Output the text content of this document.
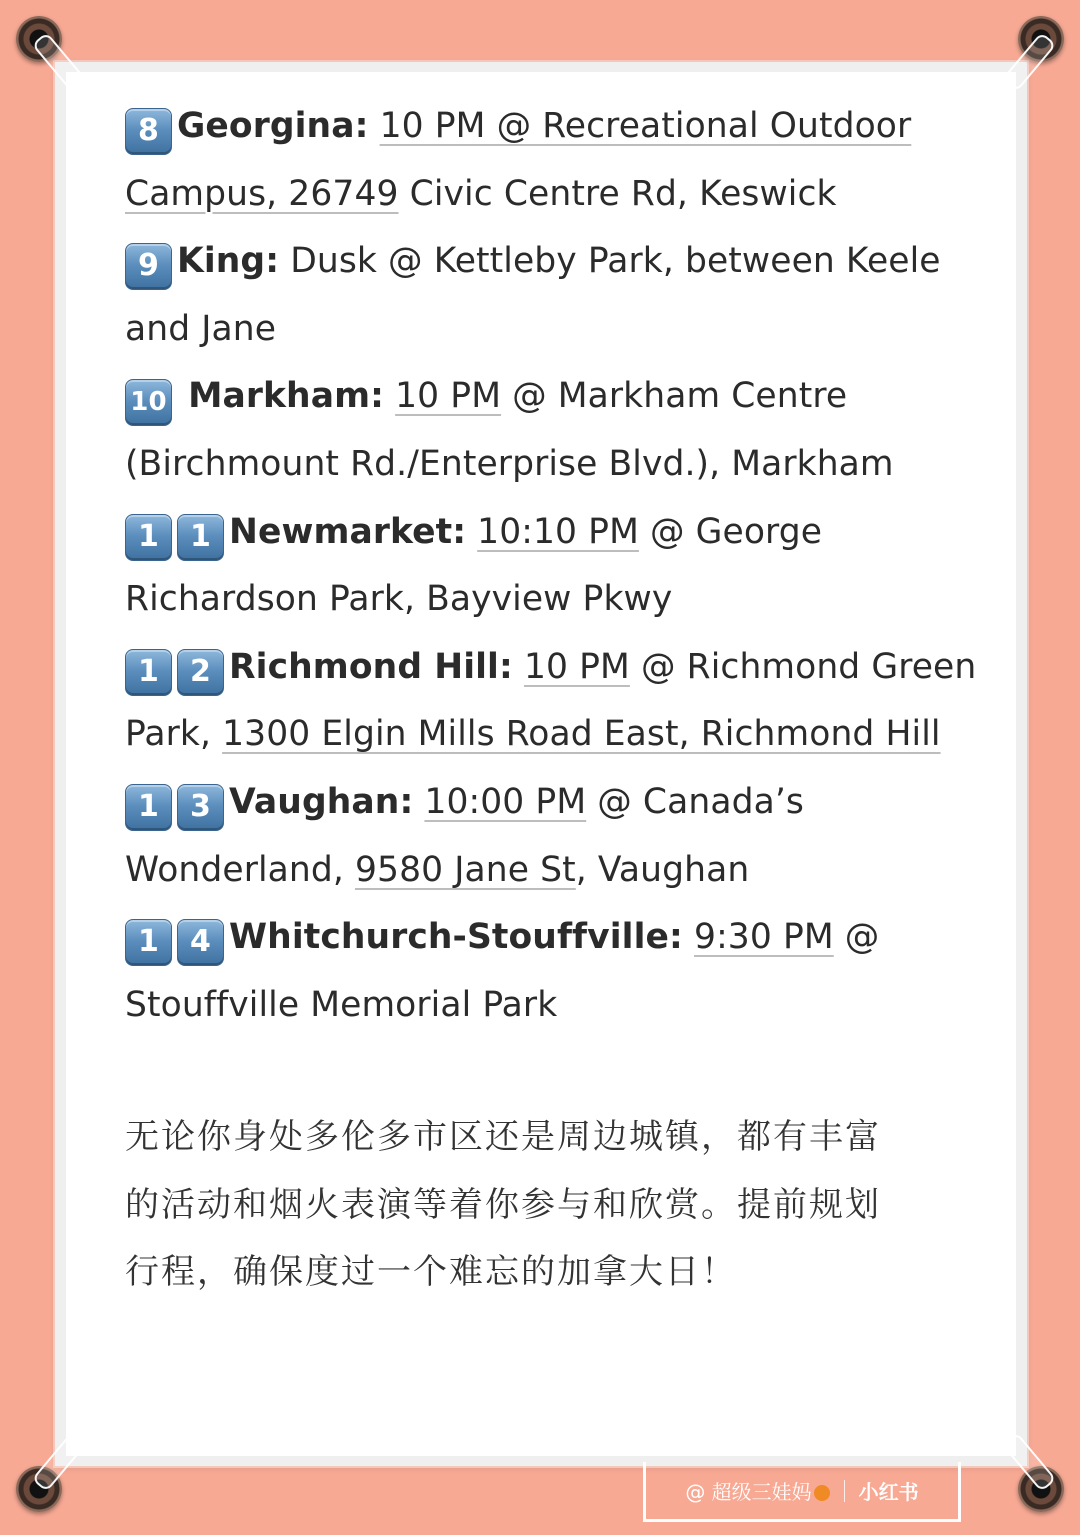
8 Georgina: 10 PM @ Recreational Outdoor
Campus, 26749 Civic Centre Rd, Keswick
9 King: Dusk @ Kettleby Park, between Keele
and Jane
10 Markham: 10 PM @ Markham Centre
(Birchmount Rd./Enterprise Blvd.), Markham
1 1 Newmarket: 10:10 PM @ George
Richardson Park, Bayview Pkwy
1 2 Richmond Hill: 10 PM @ Richmond Green
Park, 1300 Elgin Mills Road East, Richmond Hill
1 3 Vaughan: 10:00 PM @ Canada’s
Wonderland, 9580 Jane St, Vaughan
1 4 Whitchurch-Stouffville: 9:30 PM @
Stouffville Memorial Park
无论你身处多伦多市区还是周边城镇，都有丰富
的活动和烟火表演等着你参与和欣赏。提前规划
行程，确保度过一个难忘的加拿大日！
@ 超级三娃妈	小红书
